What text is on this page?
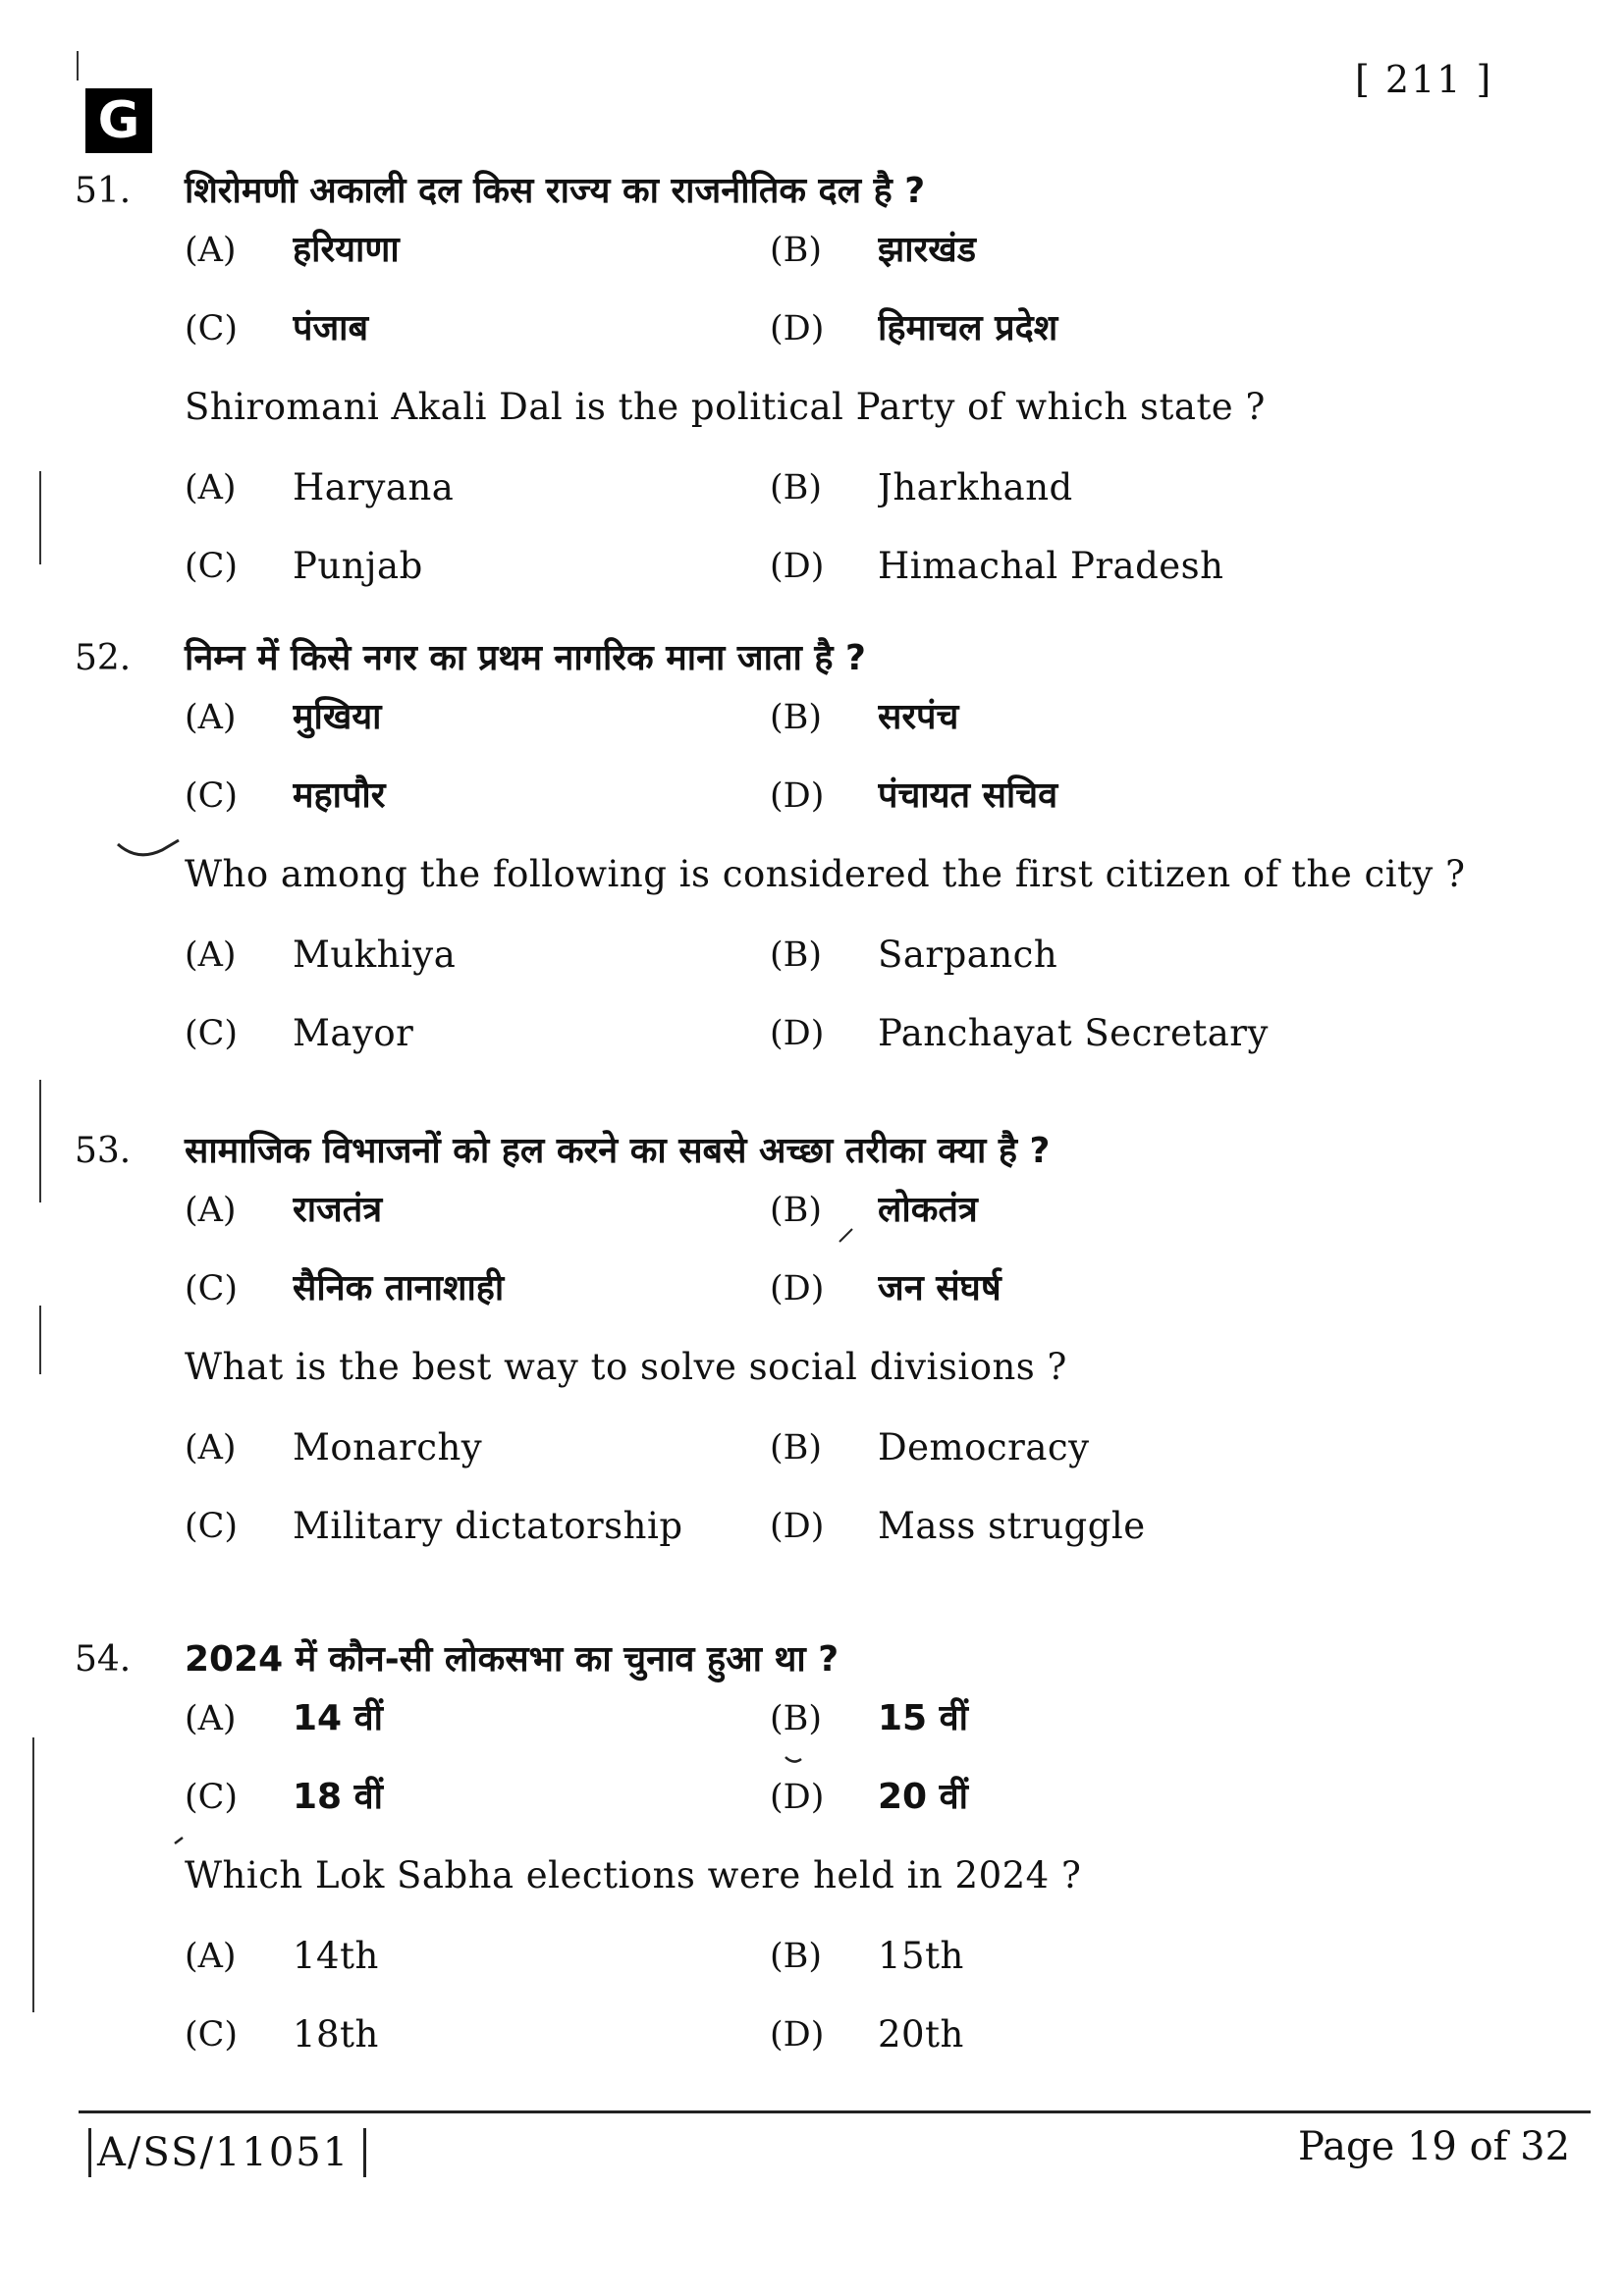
G
[ 211 ]
51.	शिरोमणी अकाली दल किस राज्य का राजनीतिक दल है ?
(A)	हरियाणा	(B)	झारखंड
(C)	पंजाब	(D)	हिमाचल प्रदेश
Shiromani Akali Dal is the political Party of which state ?
(A)	Haryana	(B)	Jharkhand
(C)	Punjab	(D)	Himachal Pradesh
52.	निम्न में किसे नगर का प्रथम नागरिक माना जाता है ?
(A)	मुखिया	(B)	सरपंच
(C)	महापौर	(D)	पंचायत सचिव
Who among the following is considered the first citizen of the city ?
(A)	Mukhiya	(B)	Sarpanch
(C)	Mayor	(D)	Panchayat Secretary
53.	सामाजिक विभाजनों को हल करने का सबसे अच्छा तरीका क्या है ?
(A)	राजतंत्र	(B)	लोकतंत्र
(C)	सैनिक तानाशाही	(D)	जन संघर्ष
What is the best way to solve social divisions ?
(A)	Monarchy	(B)	Democracy
(C)	Military dictatorship	(D)	Mass struggle
54.	2024 में कौन-सी लोकसभा का चुनाव हुआ था ?
(A)	14 वीं	(B)	15 वीं
(C)	18 वीं	(D)	20 वीं
Which Lok Sabha elections were held in 2024 ?
(A)	14th	(B)	15th
(C)	18th	(D)	20th
A/SS/11051	Page 19 of 32
